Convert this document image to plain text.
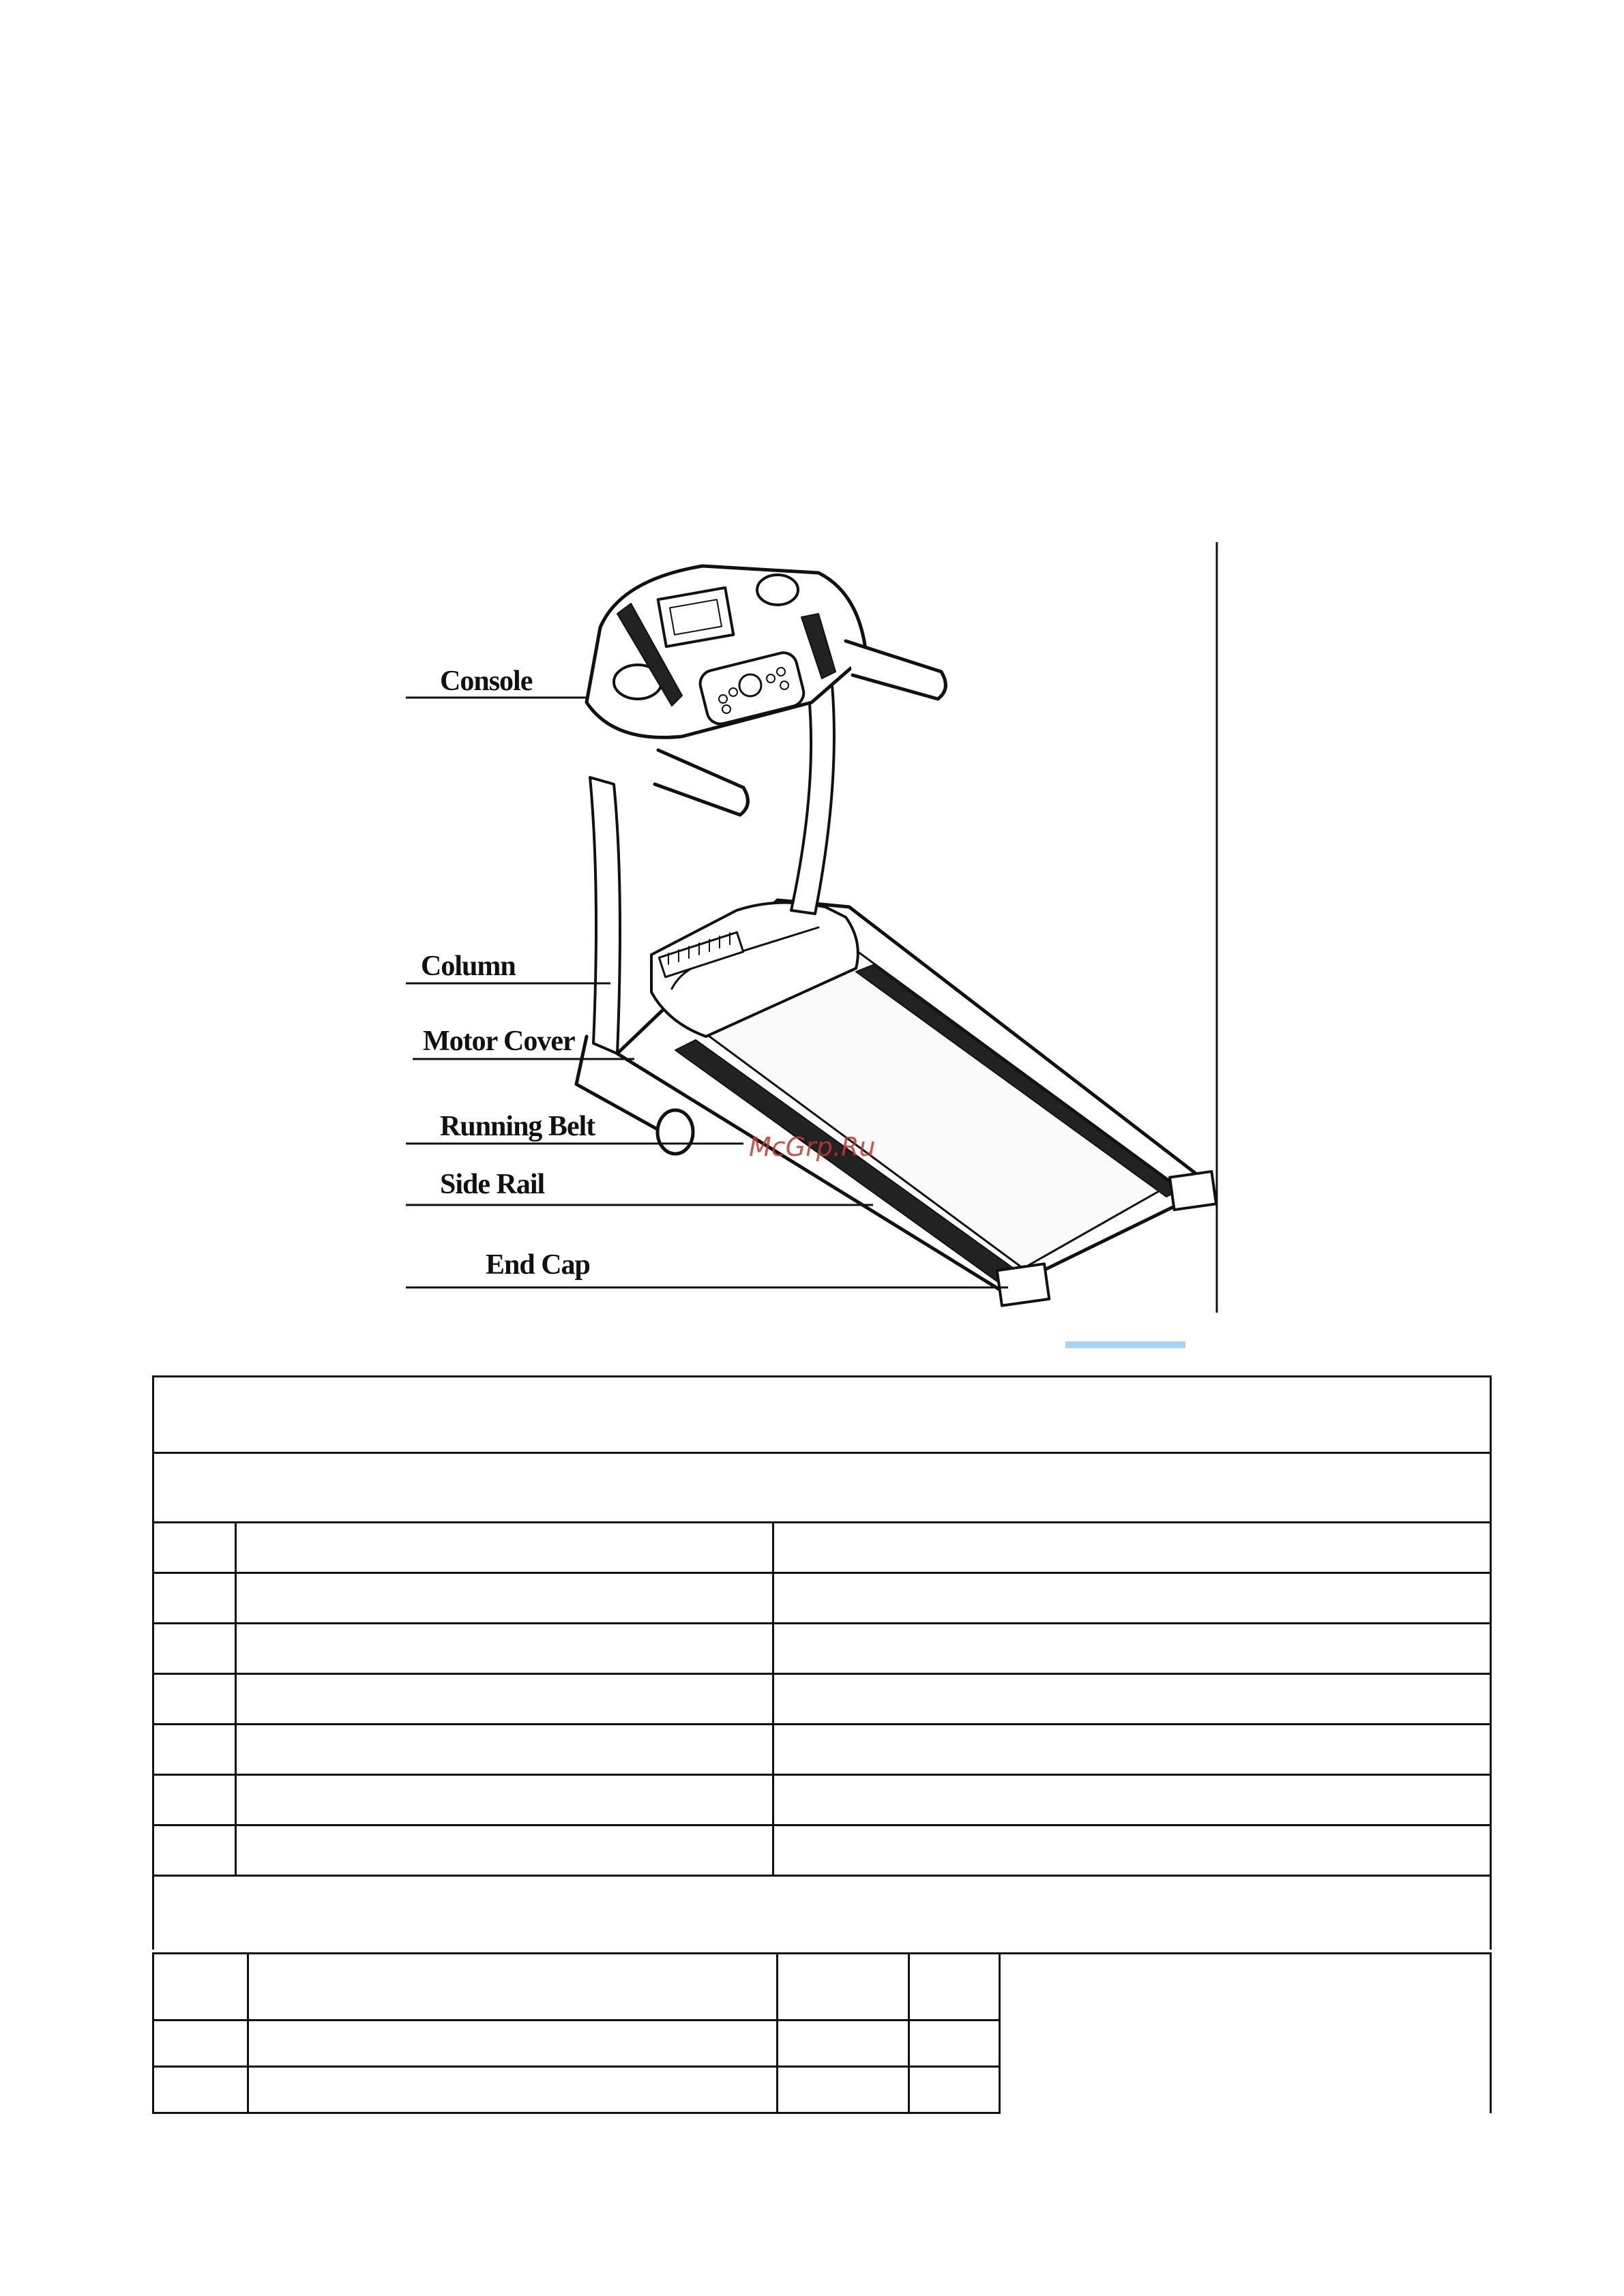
Console
Column
Motor Cover
Running Belt
Side Rail
End Cap
McGrp.Ru
